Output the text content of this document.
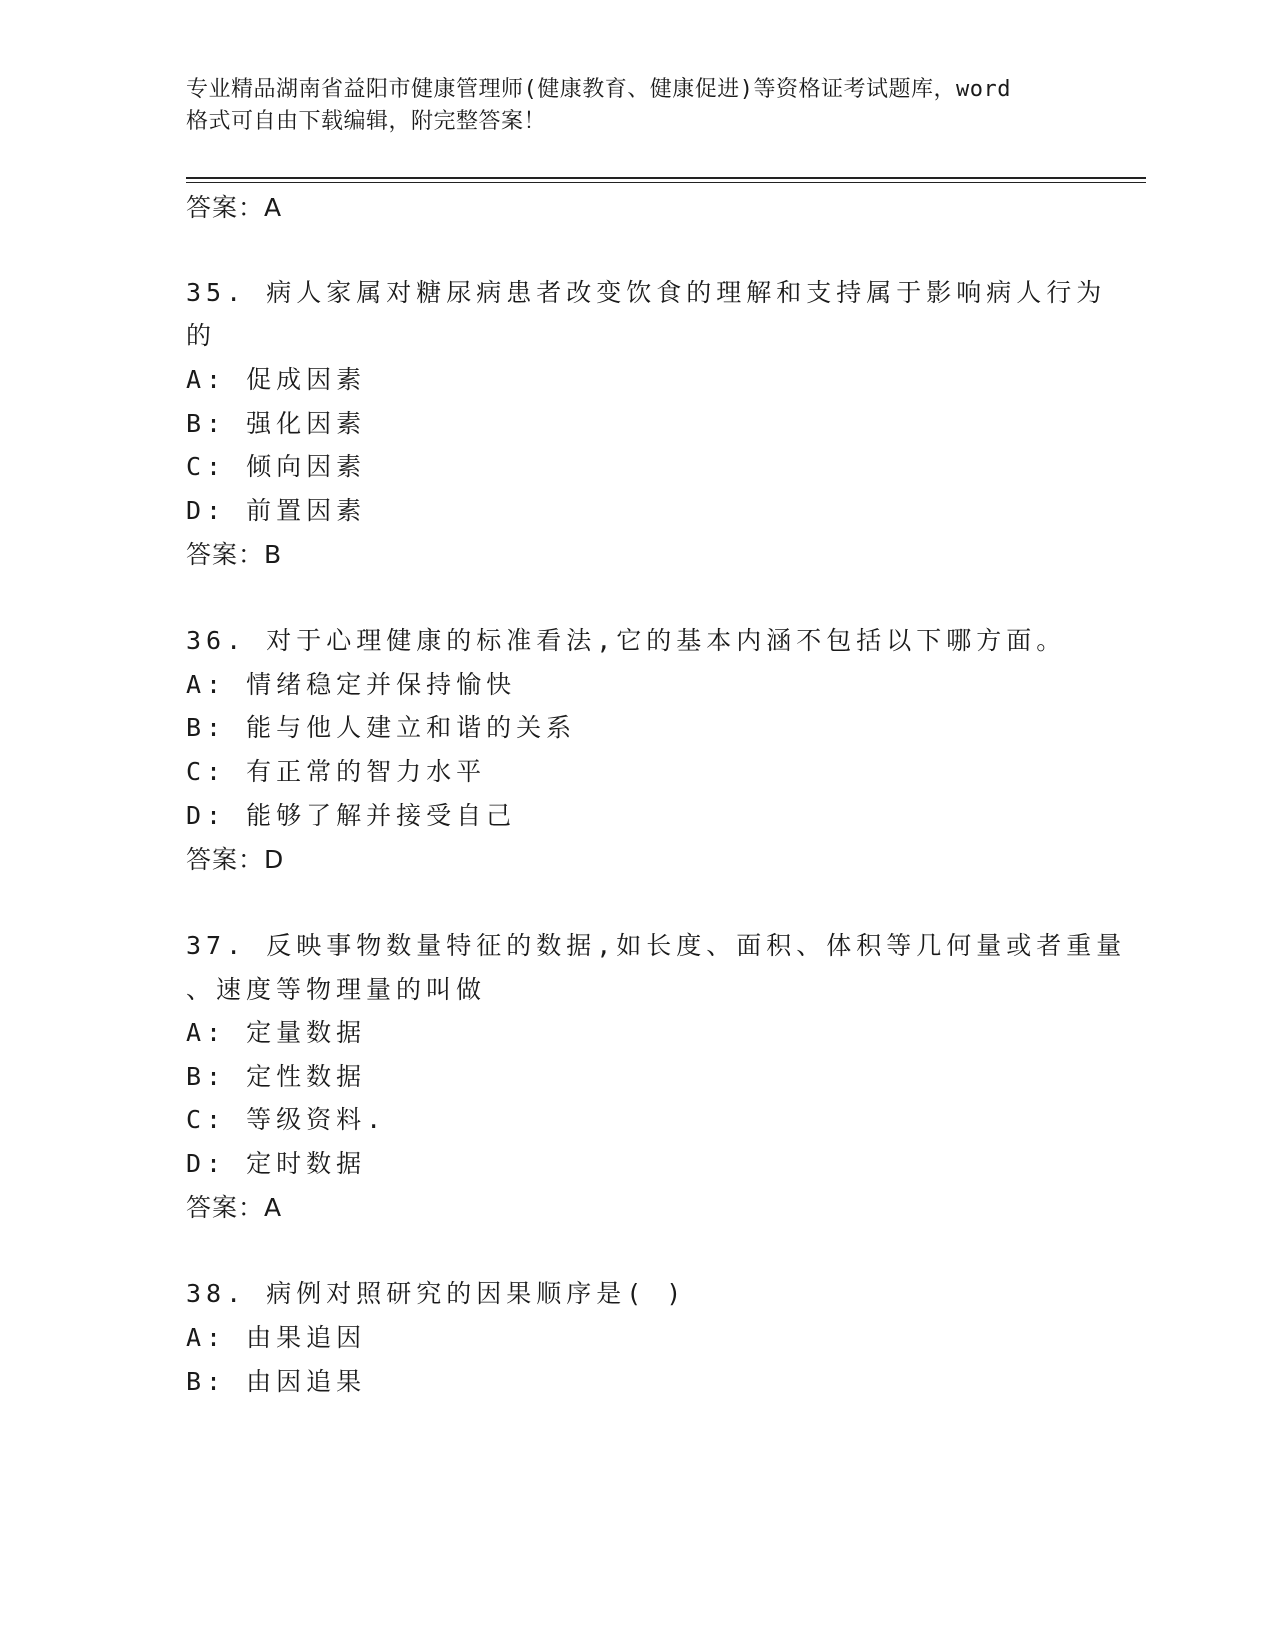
专业精品湖南省益阳市健康管理师(健康教育、健康促进)等资格证考试题库，word
格式可自由下载编辑，附完整答案！
答案：A
35. 病人家属对糖尿病患者改变饮食的理解和支持属于影响病人行为
的
A: 促成因素
B: 强化因素
C: 倾向因素
D: 前置因素
答案：B
36. 对于心理健康的标准看法,它的基本内涵不包括以下哪方面。
A: 情绪稳定并保持愉快
B: 能与他人建立和谐的关系
C: 有正常的智力水平
D: 能够了解并接受自己
答案：D
37. 反映事物数量特征的数据,如长度、面积、体积等几何量或者重量
、速度等物理量的叫做
A: 定量数据
B: 定性数据
C: 等级资料.
D: 定时数据
答案：A
38. 病例对照研究的因果顺序是( )
A: 由果追因
B: 由因追果
